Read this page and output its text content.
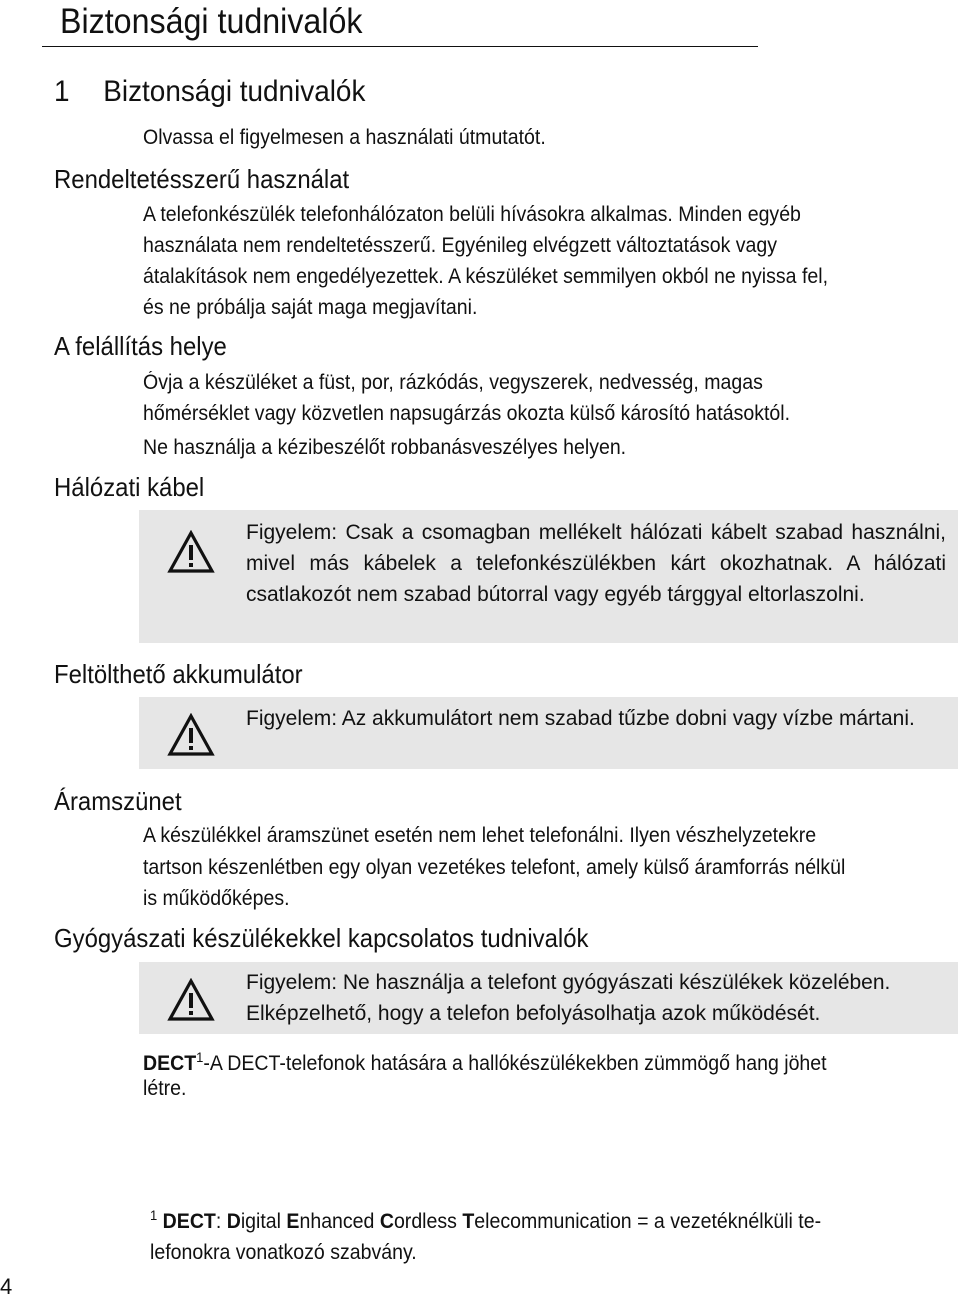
Biztonsági tudnivalók
1 Biztonsági tudnivalók

Olvassa el figyelmesen a használati útmutatót.

Rendeltetésszerű használat

A telefonkészülék telefonhálózaton belüli hívásokra alkalmas. Minden egyéb

használata nem rendeltetésszerű. Egyénileg elvégzett változtatások vagy

átalakítások nem engedélyezettek. A készüléket semmilyen okból ne nyissa fel,

és ne próbálja saját maga megjavítani.

A felállítás helye

Óvja a készüléket a füst, por, rázkódás, vegyszerek, nedvesség, magas

hőmérséklet vagy közvetlen napsugárzás okozta külső károsító hatásoktól.

Ne használja a kézibeszélőt robbanásveszélyes helyen.

Hálózati kábel

Figyelem: Csak a csomagban mellékelt hálózati kábelt szabad használni, mivel más kábelek a telefonkészülékben kárt okozhatnak. A hálózati csatlakozót nem szabad bútorral vagy egyéb tárggyal eltorlaszolni.

Feltölthető akkumulátor

Figyelem: Az akkumulátort nem szabad tűzbe dobni vagy vízbe mártani.

Áramszünet

A készülékkel áramszünet esetén nem lehet telefonálni. Ilyen vészhelyzetekre

tartson készenlétben egy olyan vezetékes telefont, amely külső áramforrás nélkül

is működőképes.

Gyógyászati készülékekkel kapcsolatos tudnivalók

Figyelem: Ne használja a telefont gyógyászati készülékek közelében.
Elképzelhető, hogy a telefon befolyásolhatja azok működését.

DECT$^1$-A DECT-telefonok hatására a hallókészülékekben zümmögő hang jöhet

létre.

$^1$ DECT: Digital Enhanced Cordless Telecommunication = a vezetéknélküli te-
lefonokra vonatkozó szabvány.

4
